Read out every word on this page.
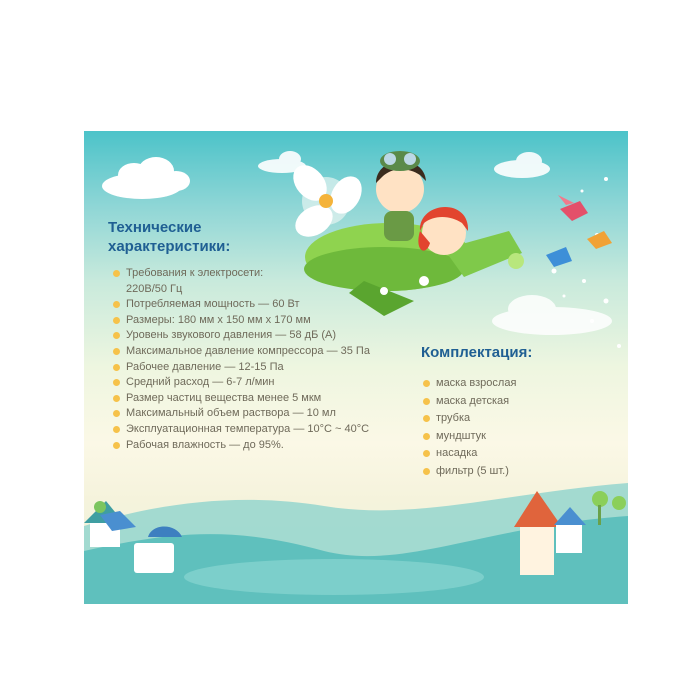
Технические характеристики:
Требования к электросети:
220В/50 Гц
Потребляемая мощность — 60 Вт
Размеры: 180 мм х 150 мм х 170 мм
Уровень звукового давления — 58 дБ (А)
Максимальное давление компрессора — 35 Па
Рабочее давление — 12-15 Па
Средний расход — 6-7 л/мин
Размер частиц вещества менее 5 мкм
Максимальный объем раствора — 10 мл
Эксплуатационная температура — 10°С ~ 40°С
Рабочая влажность — до 95%.
Комплектация:
маска взрослая
маска детская
трубка
мундштук
насадка
фильтр (5 шт.)
